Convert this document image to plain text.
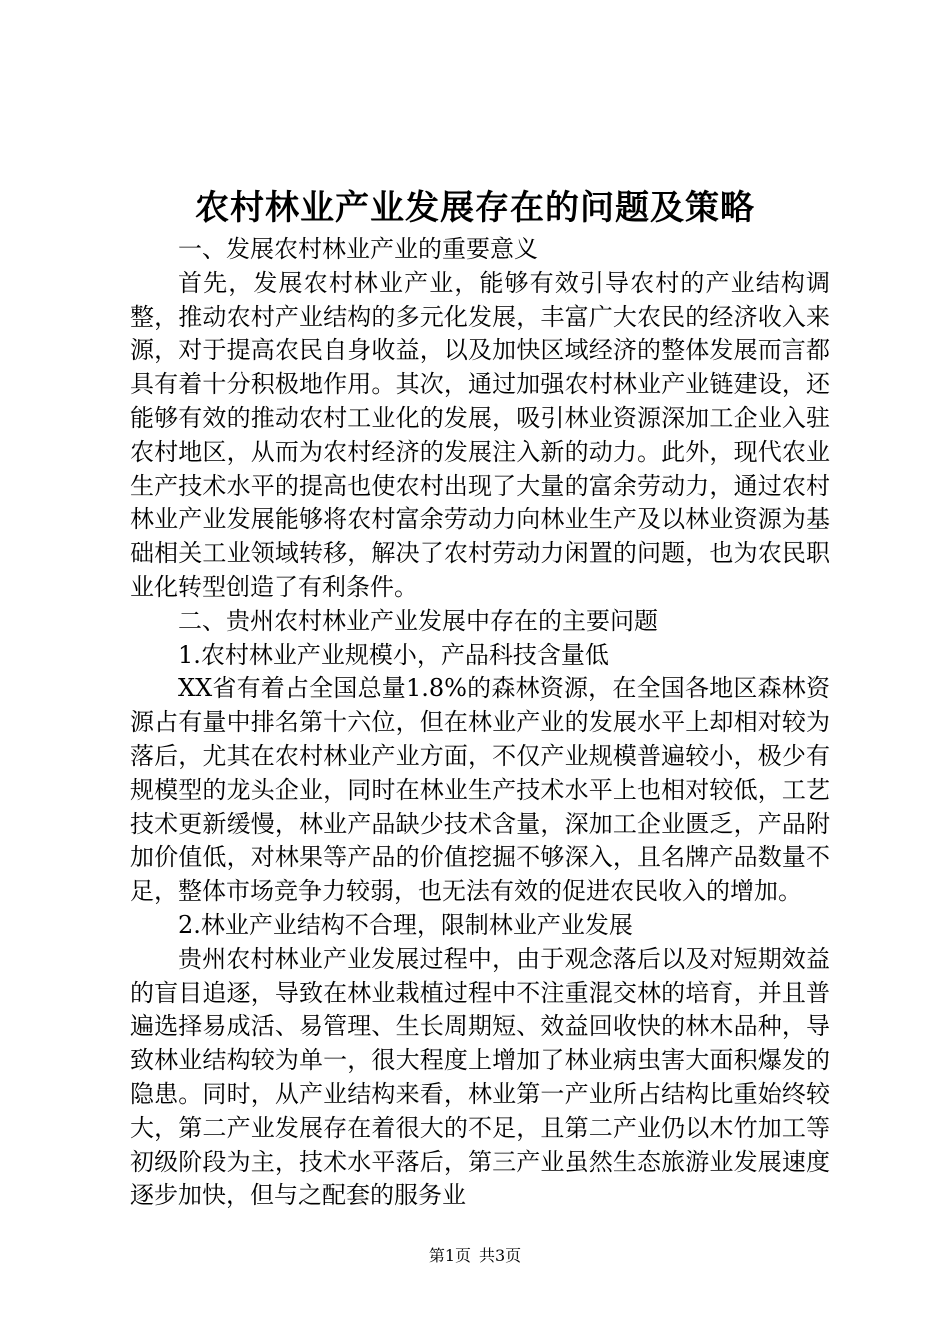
农村林业产业发展存在的问题及策略

一、发展农村林业产业的重要意义

首先，发展农村林业产业，能够有效引导农村的产业结构调整，推动农村产业结构的多元化发展，丰富广大农民的经济收入来源，对于提高农民自身收益，以及加快区域经济的整体发展而言都具有着十分积极地作用。其次，通过加强农村林业产业链建设，还能够有效的推动农村工业化的发展，吸引林业资源深加工企业入驻农村地区，从而为农村经济的发展注入新的动力。此外，现代农业生产技术水平的提高也使农村出现了大量的富余劳动力，通过农村林业产业发展能够将农村富余劳动力向林业生产及以林业资源为基础相关工业领域转移，解决了农村劳动力闲置的问题，也为农民职业化转型创造了有利条件。

二、贵州农村林业产业发展中存在的主要问题

1.农村林业产业规模小，产品科技含量低

XX省有着占全国总量1.8%的森林资源，在全国各地区森林资源占有量中排名第十六位，但在林业产业的发展水平上却相对较为落后，尤其在农村林业产业方面，不仅产业规模普遍较小，极少有规模型的龙头企业，同时在林业生产技术水平上也相对较低，工艺技术更新缓慢，林业产品缺少技术含量，深加工企业匮乏，产品附加价值低，对林果等产品的价值挖掘不够深入，且名牌产品数量不足，整体市场竞争力较弱，也无法有效的促进农民收入的增加。

2.林业产业结构不合理，限制林业产业发展

贵州农村林业产业发展过程中，由于观念落后以及对短期效益的盲目追逐，导致在林业栽植过程中不注重混交林的培育，并且普遍选择易成活、易管理、生长周期短、效益回收快的林木品种，导致林业结构较为单一，很大程度上增加了林业病虫害大面积爆发的隐患。同时，从产业结构来看，林业第一产业所占结构比重始终较大，第二产业发展存在着很大的不足，且第二产业仍以木竹加工等初级阶段为主，技术水平落后，第三产业虽然生态旅游业发展速度逐步加快，但与之配套的服务业

第1页 共3页
